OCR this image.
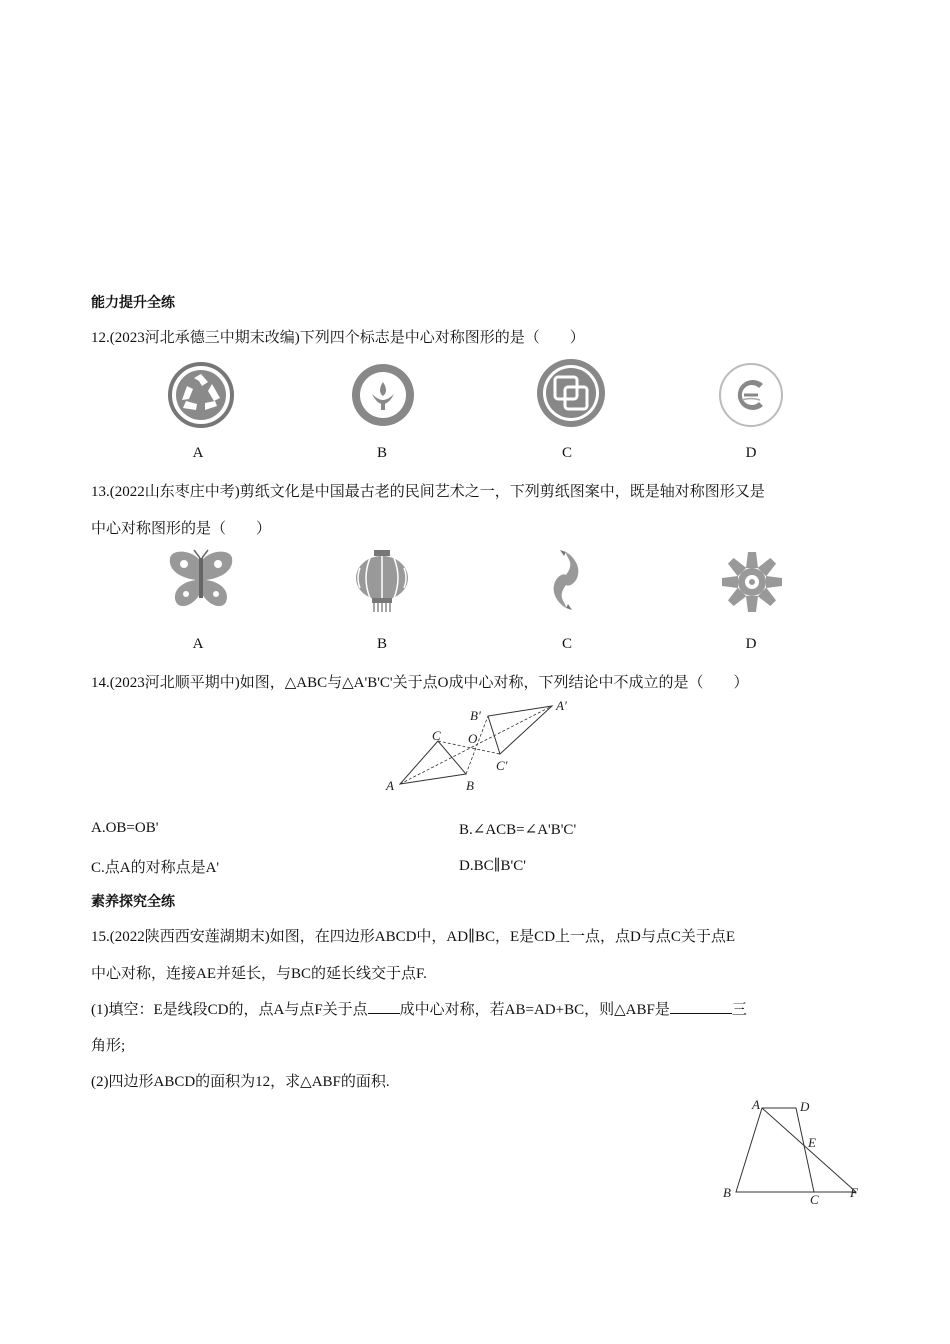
能力提升全练
12.(2023河北承德三中期末改编)下列四个标志是中心对称图形的是（　　）
A	B	C	D
13.(2022山东枣庄中考)剪纸文化是中国最古老的民间艺术之一，下列剪纸图案中，既是轴对称图形又是
中心对称图形的是（　　）
A	B	C	D
14.(2023河北顺平期中)如图，△ABC与△A'B'C'关于点O成中心对称，下列结论中不成立的是（　　）
A	B
C O
A′
B′
C′
A.OB=OB'	B.∠ACB=∠A'B'C'
C.点A的对称点是A'	D.BC∥B'C'
素养探究全练
15.(2022陕西西安莲湖期末)如图，在四边形ABCD中，AD∥BC，E是CD上一点，点D与点C关于点E
中心对称，连接AE并延长，与BC的延长线交于点F.
(1)填空：E是线段CD的，点A与点F关于点 成中心对称，若AB=AD+BC，则△ABF是	三
角形;
(2)四边形ABCD的面积为12，求△ABF的面积.
A	D
E
B	C F
